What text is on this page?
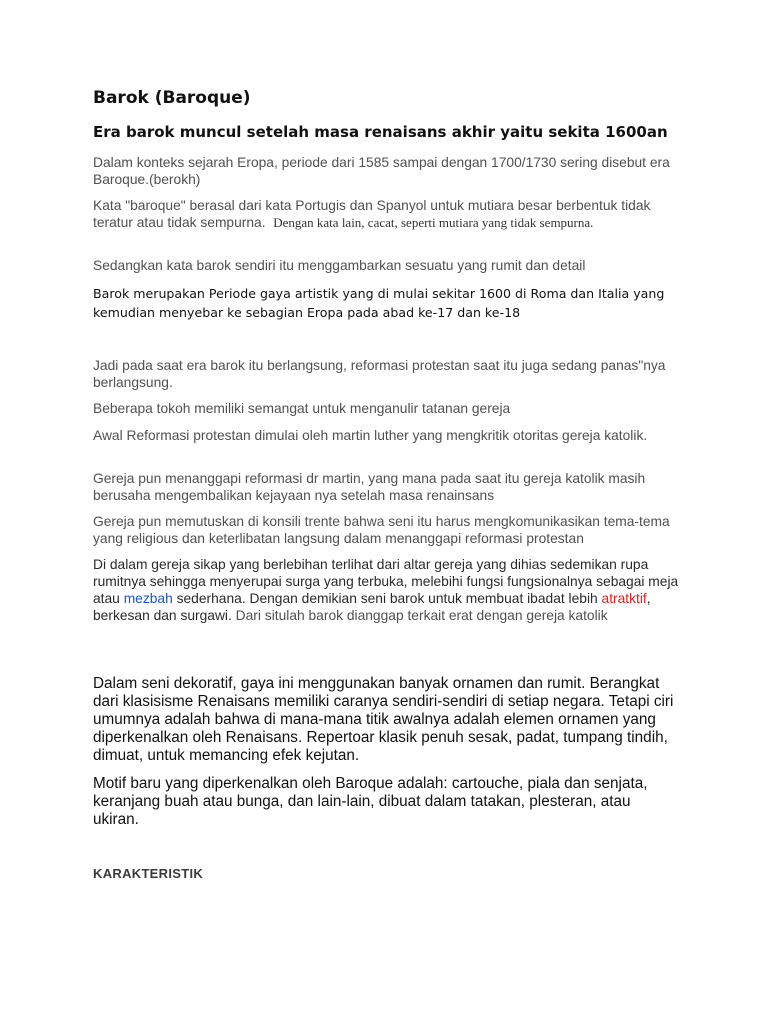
Barok (Baroque)
Era barok muncul setelah masa renaisans akhir yaitu sekita 1600an

Dalam konteks sejarah Eropa, periode dari 1585 sampai dengan 1700/1730 sering disebut era Baroque.(berokh)

Kata "baroque" berasal dari kata Portugis dan Spanyol untuk mutiara besar berbentuk tidak teratur atau tidak sempurna. Dengan kata lain, cacat, seperti mutiara yang tidak sempurna.

Sedangkan kata barok sendiri itu menggambarkan sesuatu yang rumit dan detail

Barok merupakan Periode gaya artistik yang di mulai sekitar 1600 di Roma dan Italia yang kemudian menyebar ke sebagian Eropa pada abad ke-17 dan ke-18

Jadi pada saat era barok itu berlangsung, reformasi protestan saat itu juga sedang panas"nya berlangsung.

Beberapa tokoh memiliki semangat untuk menganulir tatanan gereja

Awal Reformasi protestan dimulai oleh martin luther yang mengkritik otoritas gereja katolik.

Gereja pun menanggapi reformasi dr martin, yang mana pada saat itu gereja katolik masih berusaha mengembalikan kejayaan nya setelah masa renainsans

Gereja pun memutuskan di konsili trente bahwa seni itu harus mengkomunikasikan tema-tema yang religious dan keterlibatan langsung dalam menanggapi reformasi protestan

Di dalam gereja sikap yang berlebihan terlihat dari altar gereja yang dihias sedemikan rupa rumitnya sehingga menyerupai surga yang terbuka, melebihi fungsi fungsionalnya sebagai meja atau mezbah sederhana. Dengan demikian seni barok untuk membuat ibadat lebih atratktif, berkesan dan surgawi. Dari situlah barok dianggap terkait erat dengan gereja katolik

Dalam seni dekoratif, gaya ini menggunakan banyak ornamen dan rumit. Berangkat dari klasisisme Renaisans memiliki caranya sendiri-sendiri di setiap negara. Tetapi ciri umumnya adalah bahwa di mana-mana titik awalnya adalah elemen ornamen yang diperkenalkan oleh Renaisans. Repertoar klasik penuh sesak, padat, tumpang tindih, dimuat, untuk memancing efek kejutan.

Motif baru yang diperkenalkan oleh Baroque adalah: cartouche, piala dan senjata, keranjang buah atau bunga, dan lain-lain, dibuat dalam tatakan, plesteran, atau ukiran.

KARAKTERISTIK
